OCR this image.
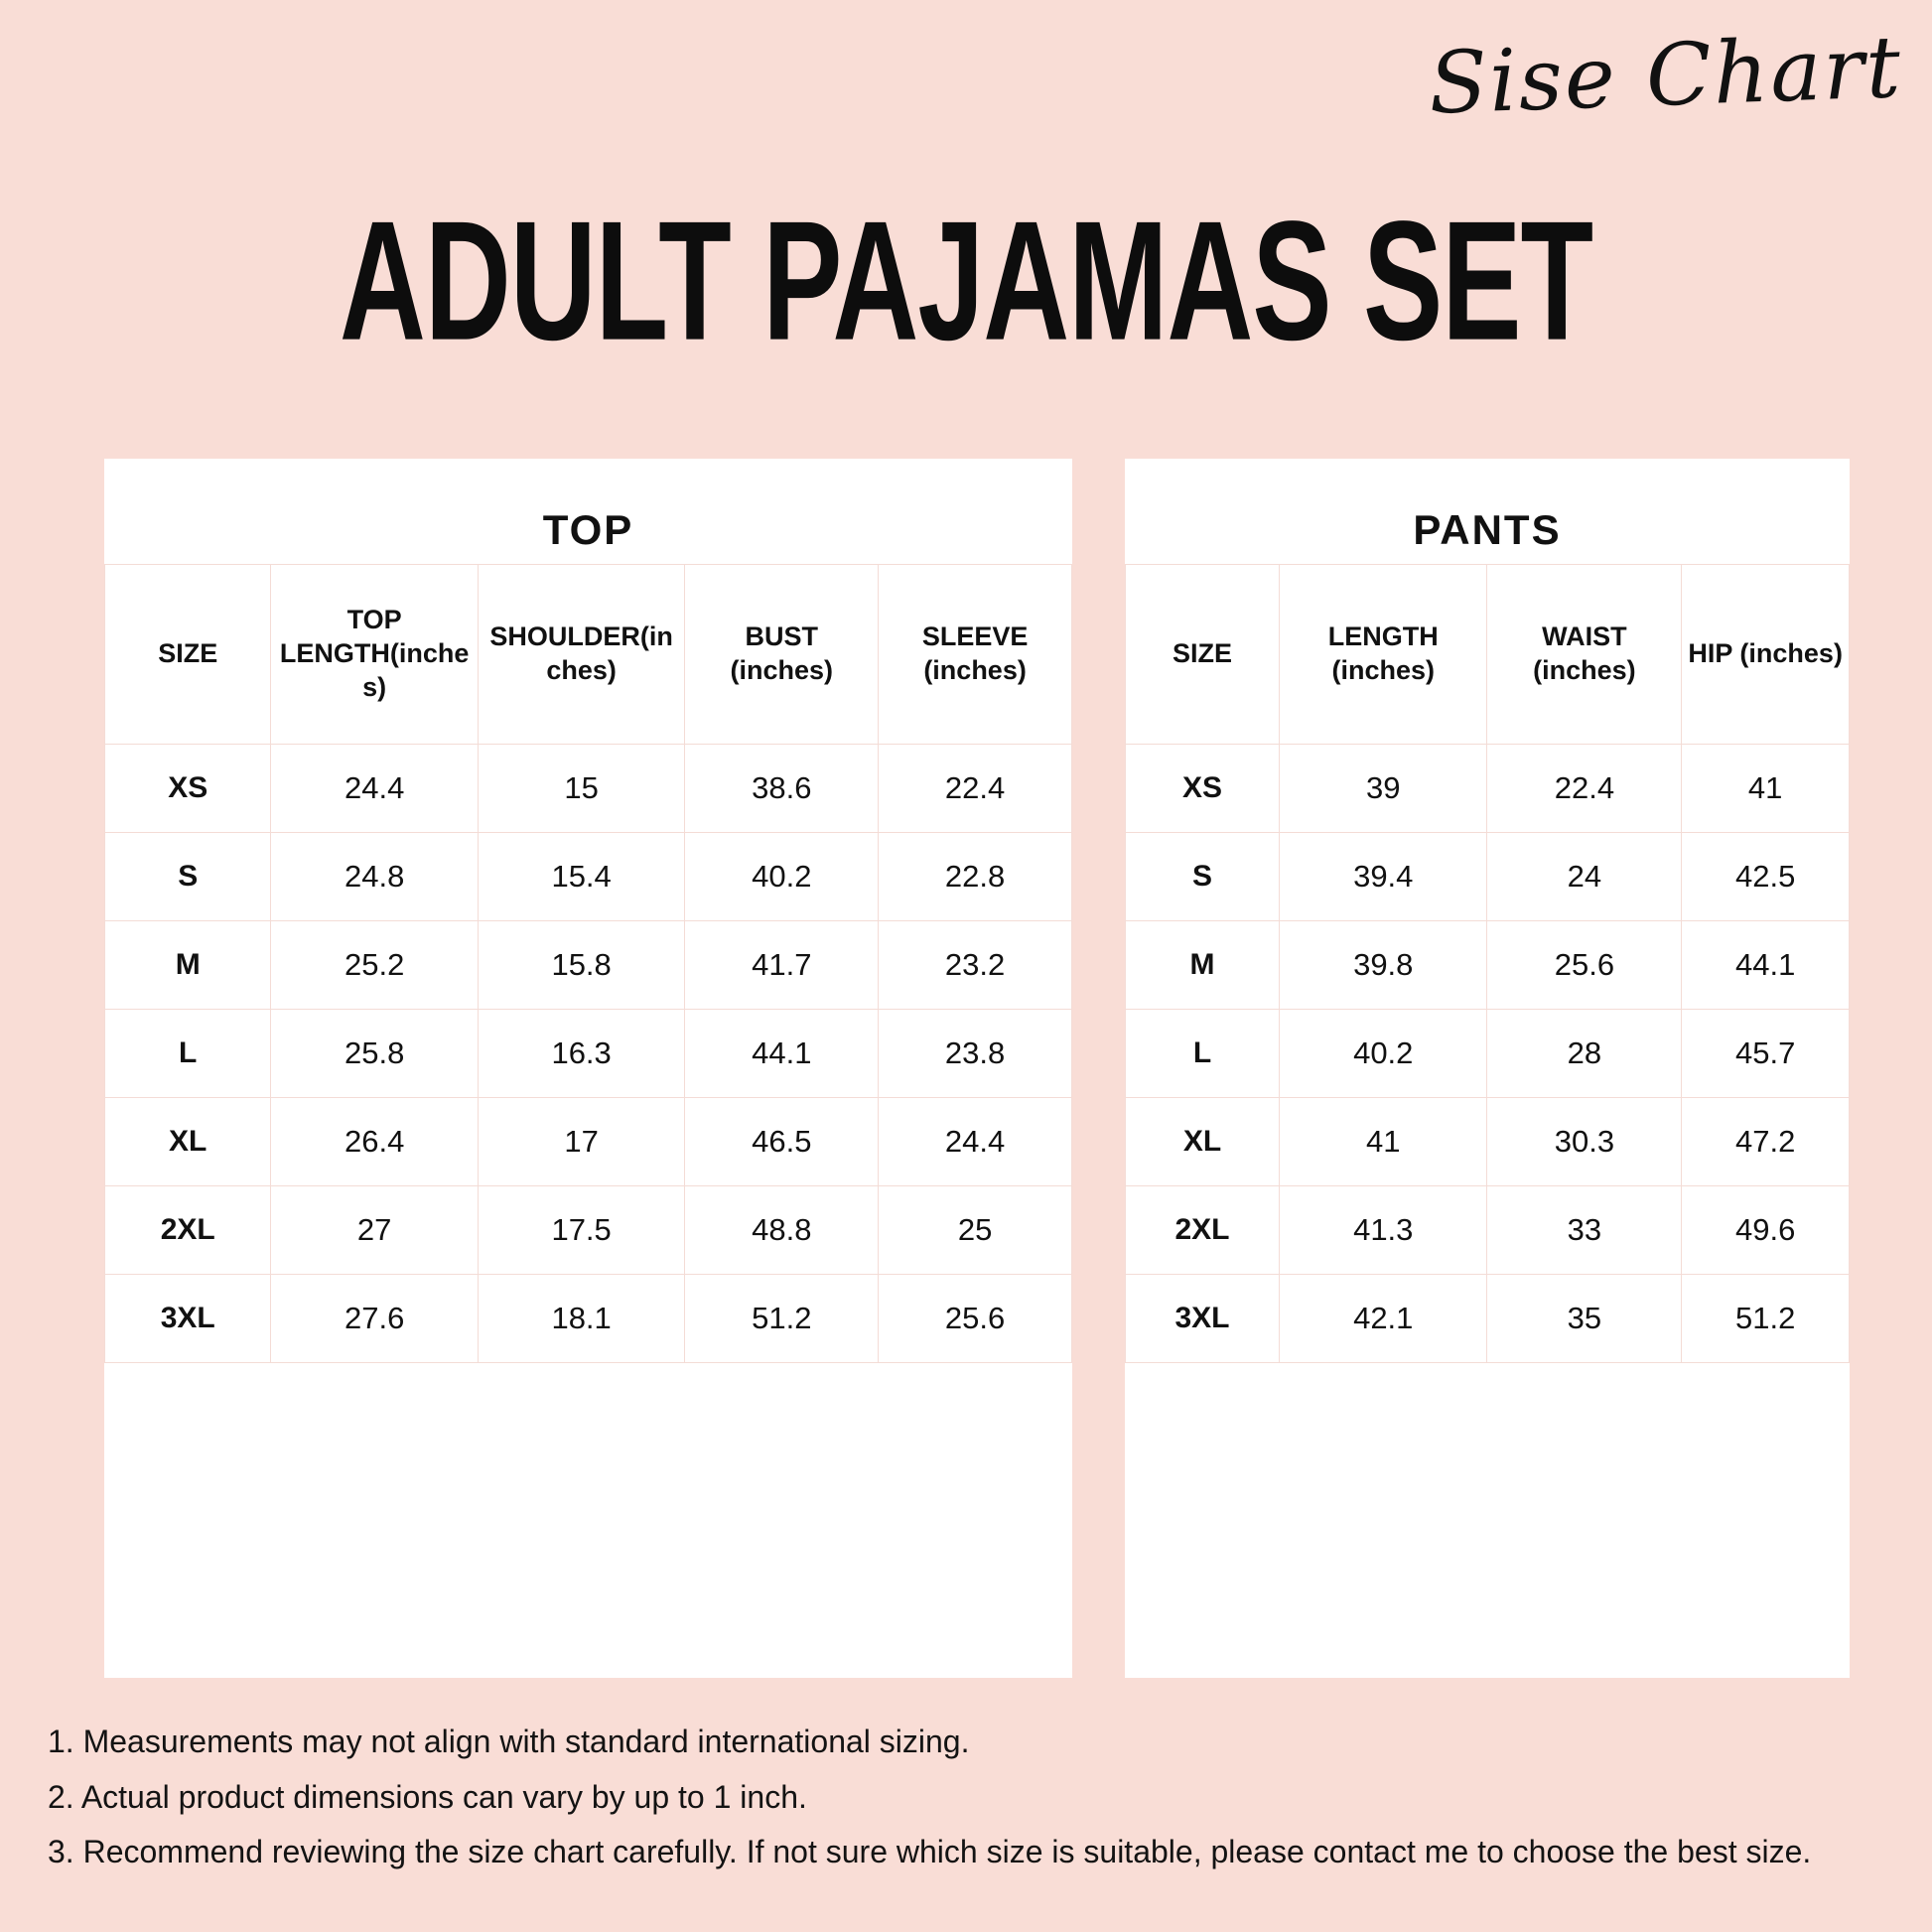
Sise Chart
ADULT PAJAMAS SET
TOP
SIZE	TOP LENGTH(inches)	SHOULDER(inches)	BUST (inches)	SLEEVE (inches)
XS	24.4	15	38.6	22.4
S	24.8	15.4	40.2	22.8
M	25.2	15.8	41.7	23.2
L	25.8	16.3	44.1	23.8
XL	26.4	17	46.5	24.4
2XL	27	17.5	48.8	25
3XL	27.6	18.1	51.2	25.6
PANTS
SIZE	LENGTH (inches)	WAIST (inches)	HIP (inches)
XS	39	22.4	41
S	39.4	24	42.5
M	39.8	25.6	44.1
L	40.2	28	45.7
XL	41	30.3	47.2
2XL	41.3	33	49.6
3XL	42.1	35	51.2
1. Measurements may not align with standard international sizing.
2. Actual product dimensions can vary by up to 1 inch.
3. Recommend reviewing the size chart carefully. If not sure which size is suitable, please contact me to choose the best size.
